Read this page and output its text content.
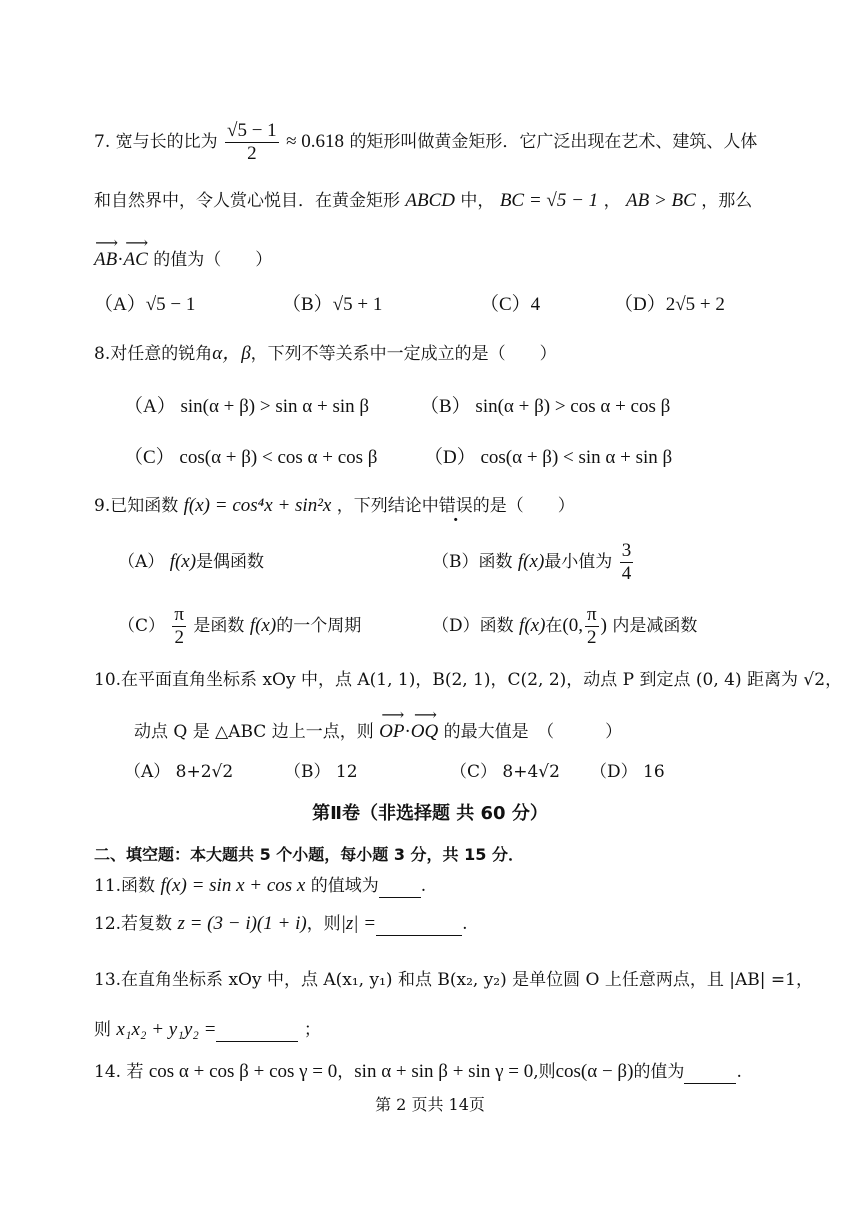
7. 宽与长的比为 $\frac{√5 - 1}{2} \approx 0.618$ 的矩形叫做黄金矩形．它广泛出现在艺术、建筑、人体
和自然界中，令人赏心悦目．在黄金矩形 ABCD 中， BC = √5 − 1 ， AB > BC ，那么
⟶ AB·⟶ AC 的值为（　　）
（A）√5 − 1	（B）√5 + 1	（C）4	（D）2√5 + 2
8.对任意的锐角α，β，下列不等关系中一定成立的是（　　）
（A） sin(α + β) > sin α + sin β	（B） sin(α + β) > cos α + cos β
（C） cos(α + β) < cos α + cos β （D） cos(α + β) < sin α + sin β
9.已知函数 f(x) = cos⁴x + sin²x ，下列结论中错误的是（　　）
（A） f(x)是偶函数	（B）函数 f(x)最小值为 $\frac{3}{4}$
$(C) \frac{\pi}{2}$ 是函数 f(x)的一个周期	（D）函数 f(x)在(0, $\frac{\pi}{2}$ ) 内是减函数
10.在平面直角坐标系 xOy 中，点 A(1, 1)，B(2, 1)，C(2, 2)，动点 P 到定点 (0, 4) 距离为 √2，
动点 Q 是 △ABC 边上一点，则 ⟶ OP·⟶ OQ 的最大值是　（　　　）
（A） 8+2√2	（B） 12	（C） 8+4√2 （D） 16
第Ⅱ卷（非选择题 共 60 分）
二、填空题：本大题共 5 个小题，每小题 3 分，共 15 分．
11.函数 f(x) = sin x + cos x 的值域为 .
12.若复数 z = (3 − i)(1 + i)，则|z| =	.
13.在直角坐标系 xOy 中，点 A(x₁, y₁) 和点 B(x₂, y₂) 是单位圆 O 上任意两点，且 |AB| =1，
则 x₁x₂ + y₁y₂ =	；
14. 若 cos α + cos β + cos γ = 0，sin α + sin β + sin γ = 0,则cos(α − β)的值为	.
第 2 页共 14页
